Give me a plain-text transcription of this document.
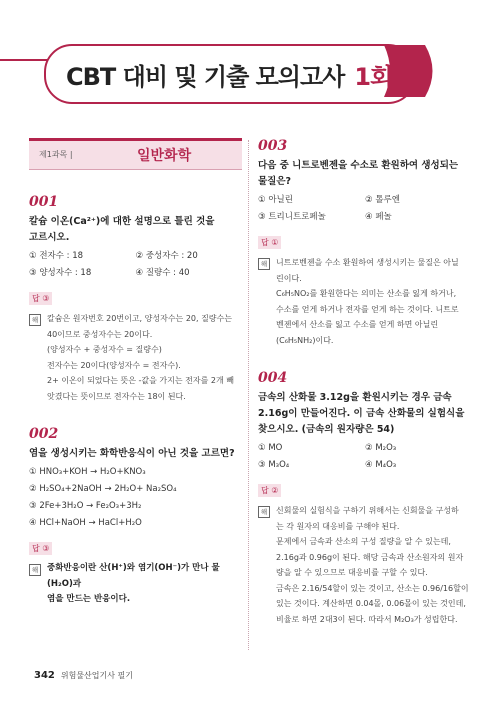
CBT 대비 및 기출 모의고사 1회
제1과목 |	일반화학

001

칼슘 이온(Ca²⁺)에 대한 설명으로 틀린 것을
고르시오.
① 전자수 : 18	② 중성자수 : 20
③ 양성자수 : 18	④ 질량수 : 40
답 ③
해	칼슘은 원자번호 20번이고, 양성자수는 20, 질량수는

40이므로 중성자수는 20이다.

(양성자수 + 중성자수 = 질량수)

전자수는 20이다(양성자수 = 전자수).

2+ 이온이 되었다는 뜻은 -값을 가지는 전자를 2개 빼

앗겼다는 뜻이므로 전자수는 18이 된다.

002

염을 생성시키는 화학반응식이 아닌 것을 고르면?
① HNO₃+KOH → H₂O+KNO₃
② H₂SO₄+2NaOH → 2H₂O+ Na₂SO₄
③ 2Fe+3H₂O → Fe₂O₃+3H₂
④ HCl+NaOH → HaCl+H₂O
답 ③
해	중화반응이란 산(H⁺)와 염기(OH⁻)가 만나 물(H₂O)과

염을 만드는 반응이다.

003

다음 중 니트로벤젠을 수소로 환원하여 생성되는
물질은?
① 아닐린	② 톨루엔
③ 트리니트로페놀	④ 페놀
답 ①
해	니트로벤젠을 수소 환원하여 생성시키는 물질은 아닐

린이다.

C₆H₅NO₂를 환원한다는 의미는 산소를 잃게 하거나,

수소를 얻게 하거나 전자를 얻게 하는 것이다. 니트로

벤젠에서 산소를 잃고 수소를 얻게 하면 아닐린

(C₆H₅NH₂)이다.

004

금속의 산화물 3.12g을 환원시키는 경우 금속
2.16g이 만들어진다. 이 금속 산화물의 실험식을
찾으시오. (금속의 원자량은 54)
① MO	② M₂O₃
③ M₃O₄	④ M₄O₃
답 ②
해	신회물의 실험식을 구하기 위해서는 신회물을 구성하

는 각 원자의 대응비를 구해야 된다.

문제에서 금속과 산소의 구성 질량을 알 수 있는데,

2.16g과 0.96g이 된다. 해당 금속과 산소원자의 원자

량을 알 수 있으므로 대응비를 구할 수 있다.

금속은 2.16/54할이 있는 것이고, 산소는 0.96/16할이

있는 것이다. 계산하면 0.04몰, 0.06몰이 있는 것인데,

비율로 하면 2대3이 된다. 따라서 M₂O₃가 성립한다.

342 위험물산업기사 필기
